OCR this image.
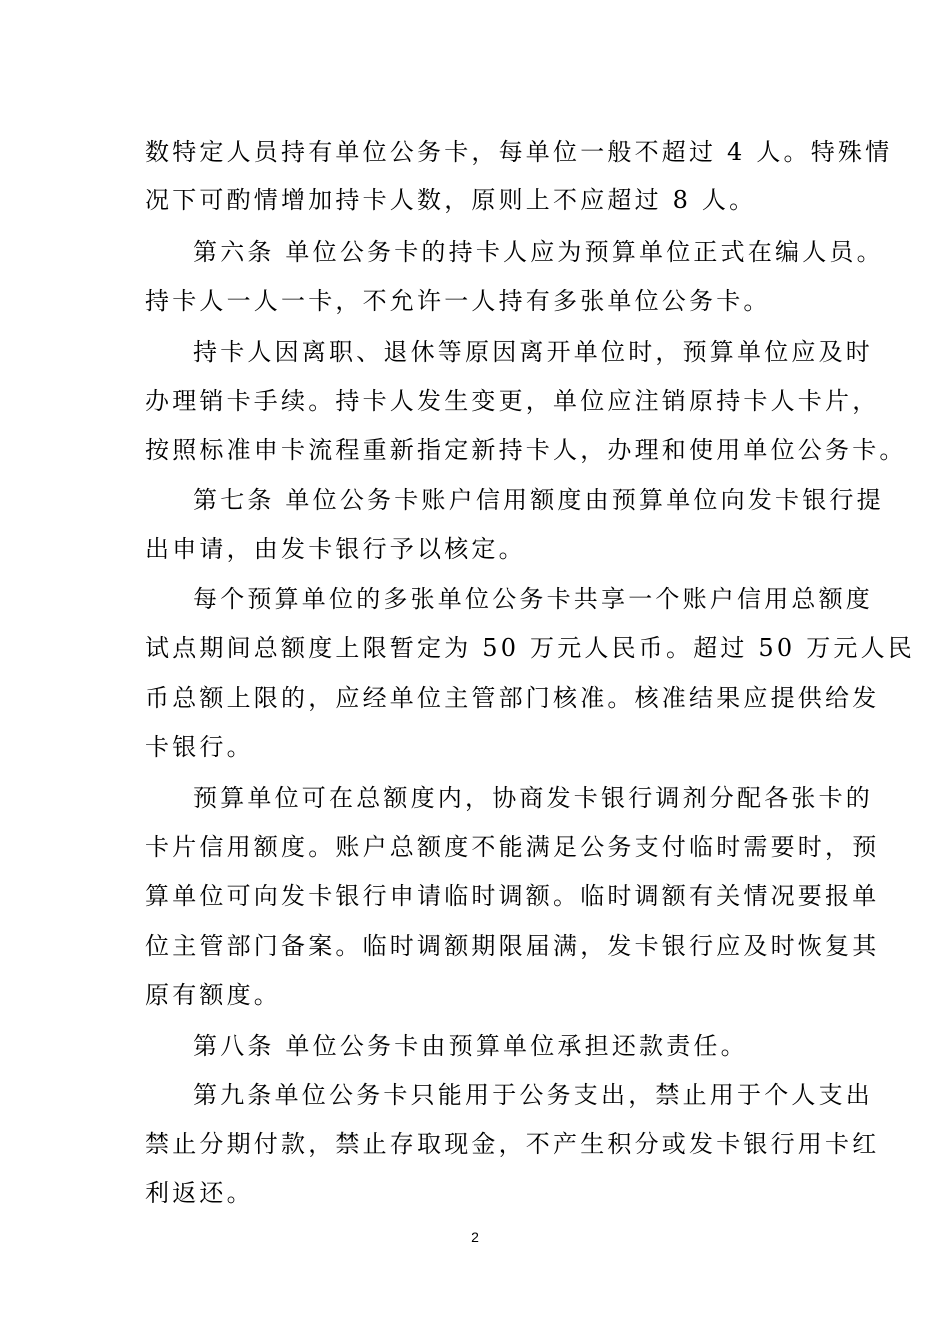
数特定人员持有单位公务卡，每单位一般不超过 4 人。特殊情
况下可酌情增加持卡人数，原则上不应超过 8 人。
第六条 单位公务卡的持卡人应为预算单位正式在编人员。
持卡人一人一卡，不允许一人持有多张单位公务卡。
持卡人因离职、退休等原因离开单位时，预算单位应及时
办理销卡手续。持卡人发生变更，单位应注销原持卡人卡片，
按照标准申卡流程重新指定新持卡人，办理和使用单位公务卡。
第七条 单位公务卡账户信用额度由预算单位向发卡银行提
出申请，由发卡银行予以核定。
每个预算单位的多张单位公务卡共享一个账户信用总额度
试点期间总额度上限暂定为 50 万元人民币。超过 50 万元人民
币总额上限的，应经单位主管部门核准。核准结果应提供给发
卡银行。
预算单位可在总额度内，协商发卡银行调剂分配各张卡的
卡片信用额度。账户总额度不能满足公务支付临时需要时，预
算单位可向发卡银行申请临时调额。临时调额有关情况要报单
位主管部门备案。临时调额期限届满，发卡银行应及时恢复其
原有额度。
第八条 单位公务卡由预算单位承担还款责任。
第九条单位公务卡只能用于公务支出，禁止用于个人支出
禁止分期付款，禁止存取现金，不产生积分或发卡银行用卡红
利返还。
2
